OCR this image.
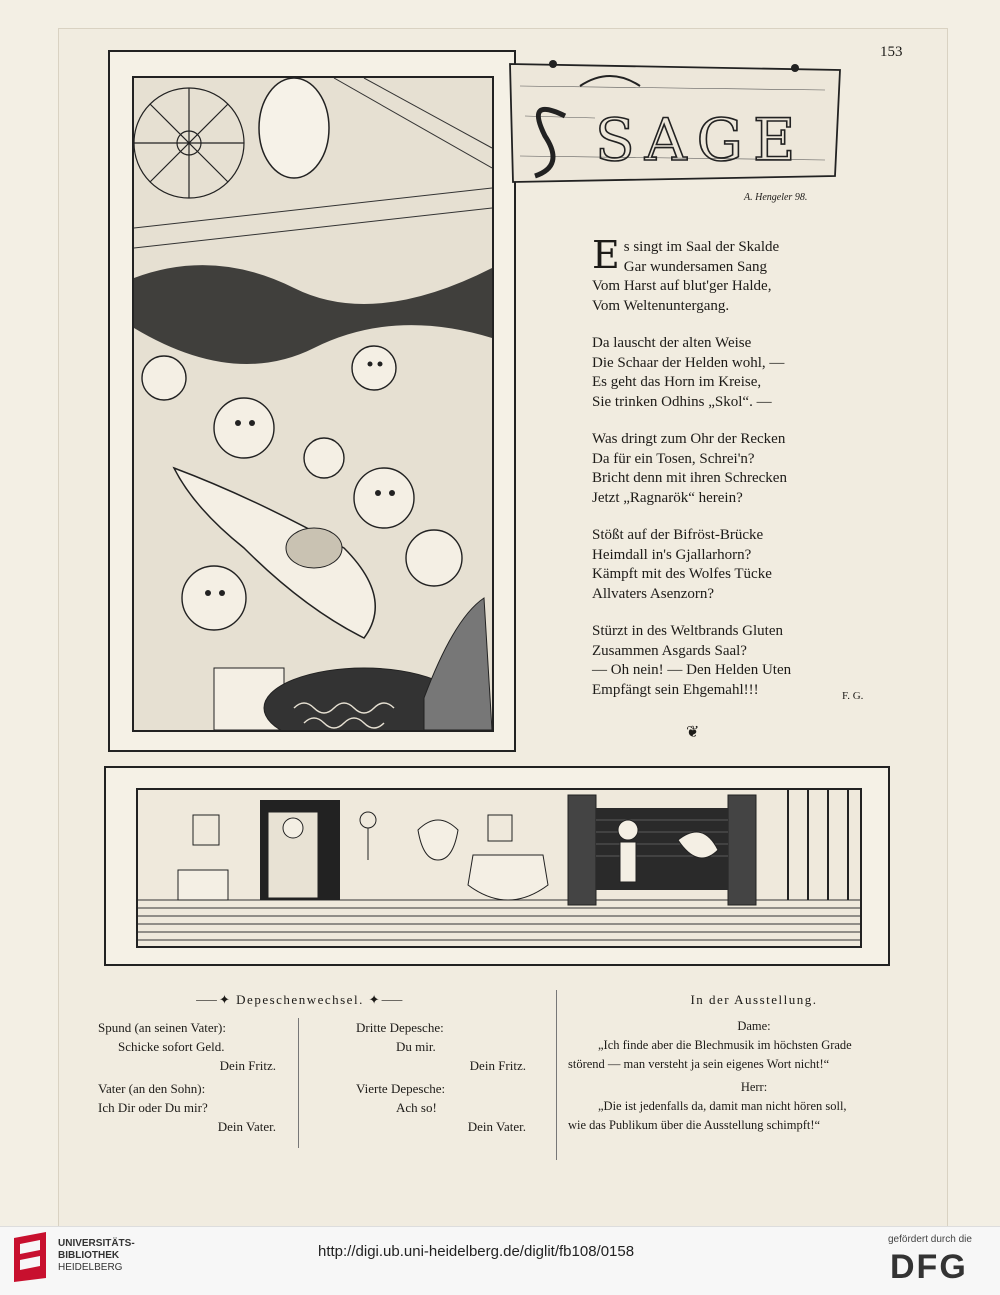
153
SAGE
A. Hengeler 98.
E s singt im Saal der Skalde
Gar wundersamen Sang
Vom Harst auf blut'ger Halde,
Vom Weltenuntergang.
Da lauscht der alten Weise
Die Schaar der Helden wohl, —
Es geht das Horn im Kreise,
Sie trinken Odhins „Skol“. —
Was dringt zum Ohr der Recken
Da für ein Tosen, Schrei'n?
Bricht denn mit ihren Schrecken
Jetzt „Ragnarök“ herein?
Stößt auf der Bifröst-Brücke
Heimdall in's Gjallarhorn?
Kämpft mit des Wolfes Tücke
Allvaters Asenzorn?
Stürzt in des Weltbrands Gluten
Zusammen Asgards Saal?
— Oh nein! — Den Helden Uten
Empfängt sein Ehgemahl!!!	F. G.
❦
⸺✦ Depeschenwechsel. ✦⸺
Spund (an seinen Vater):
Schicke sofort Geld.
Dein Fritz.
Vater (an den Sohn):
Ich Dir oder Du mir?
Dein Vater.
Dritte Depesche:
Du mir.
Dein Fritz.
Vierte Depesche:
Ach so!
Dein Vater.
In der Ausstellung.
Dame:
„Ich finde aber die Blechmusik im höchsten Grade
störend — man versteht ja sein eigenes Wort nicht!“
Herr:
„Die ist jedenfalls da, damit man nicht hören soll,
wie das Publikum über die Ausstellung schimpft!“
UNIVERSITÄTS-
BIBLIOTHEK
HEIDELBERG
http://digi.ub.uni-heidelberg.de/diglit/fb108/0158
gefördert durch die
DFG
